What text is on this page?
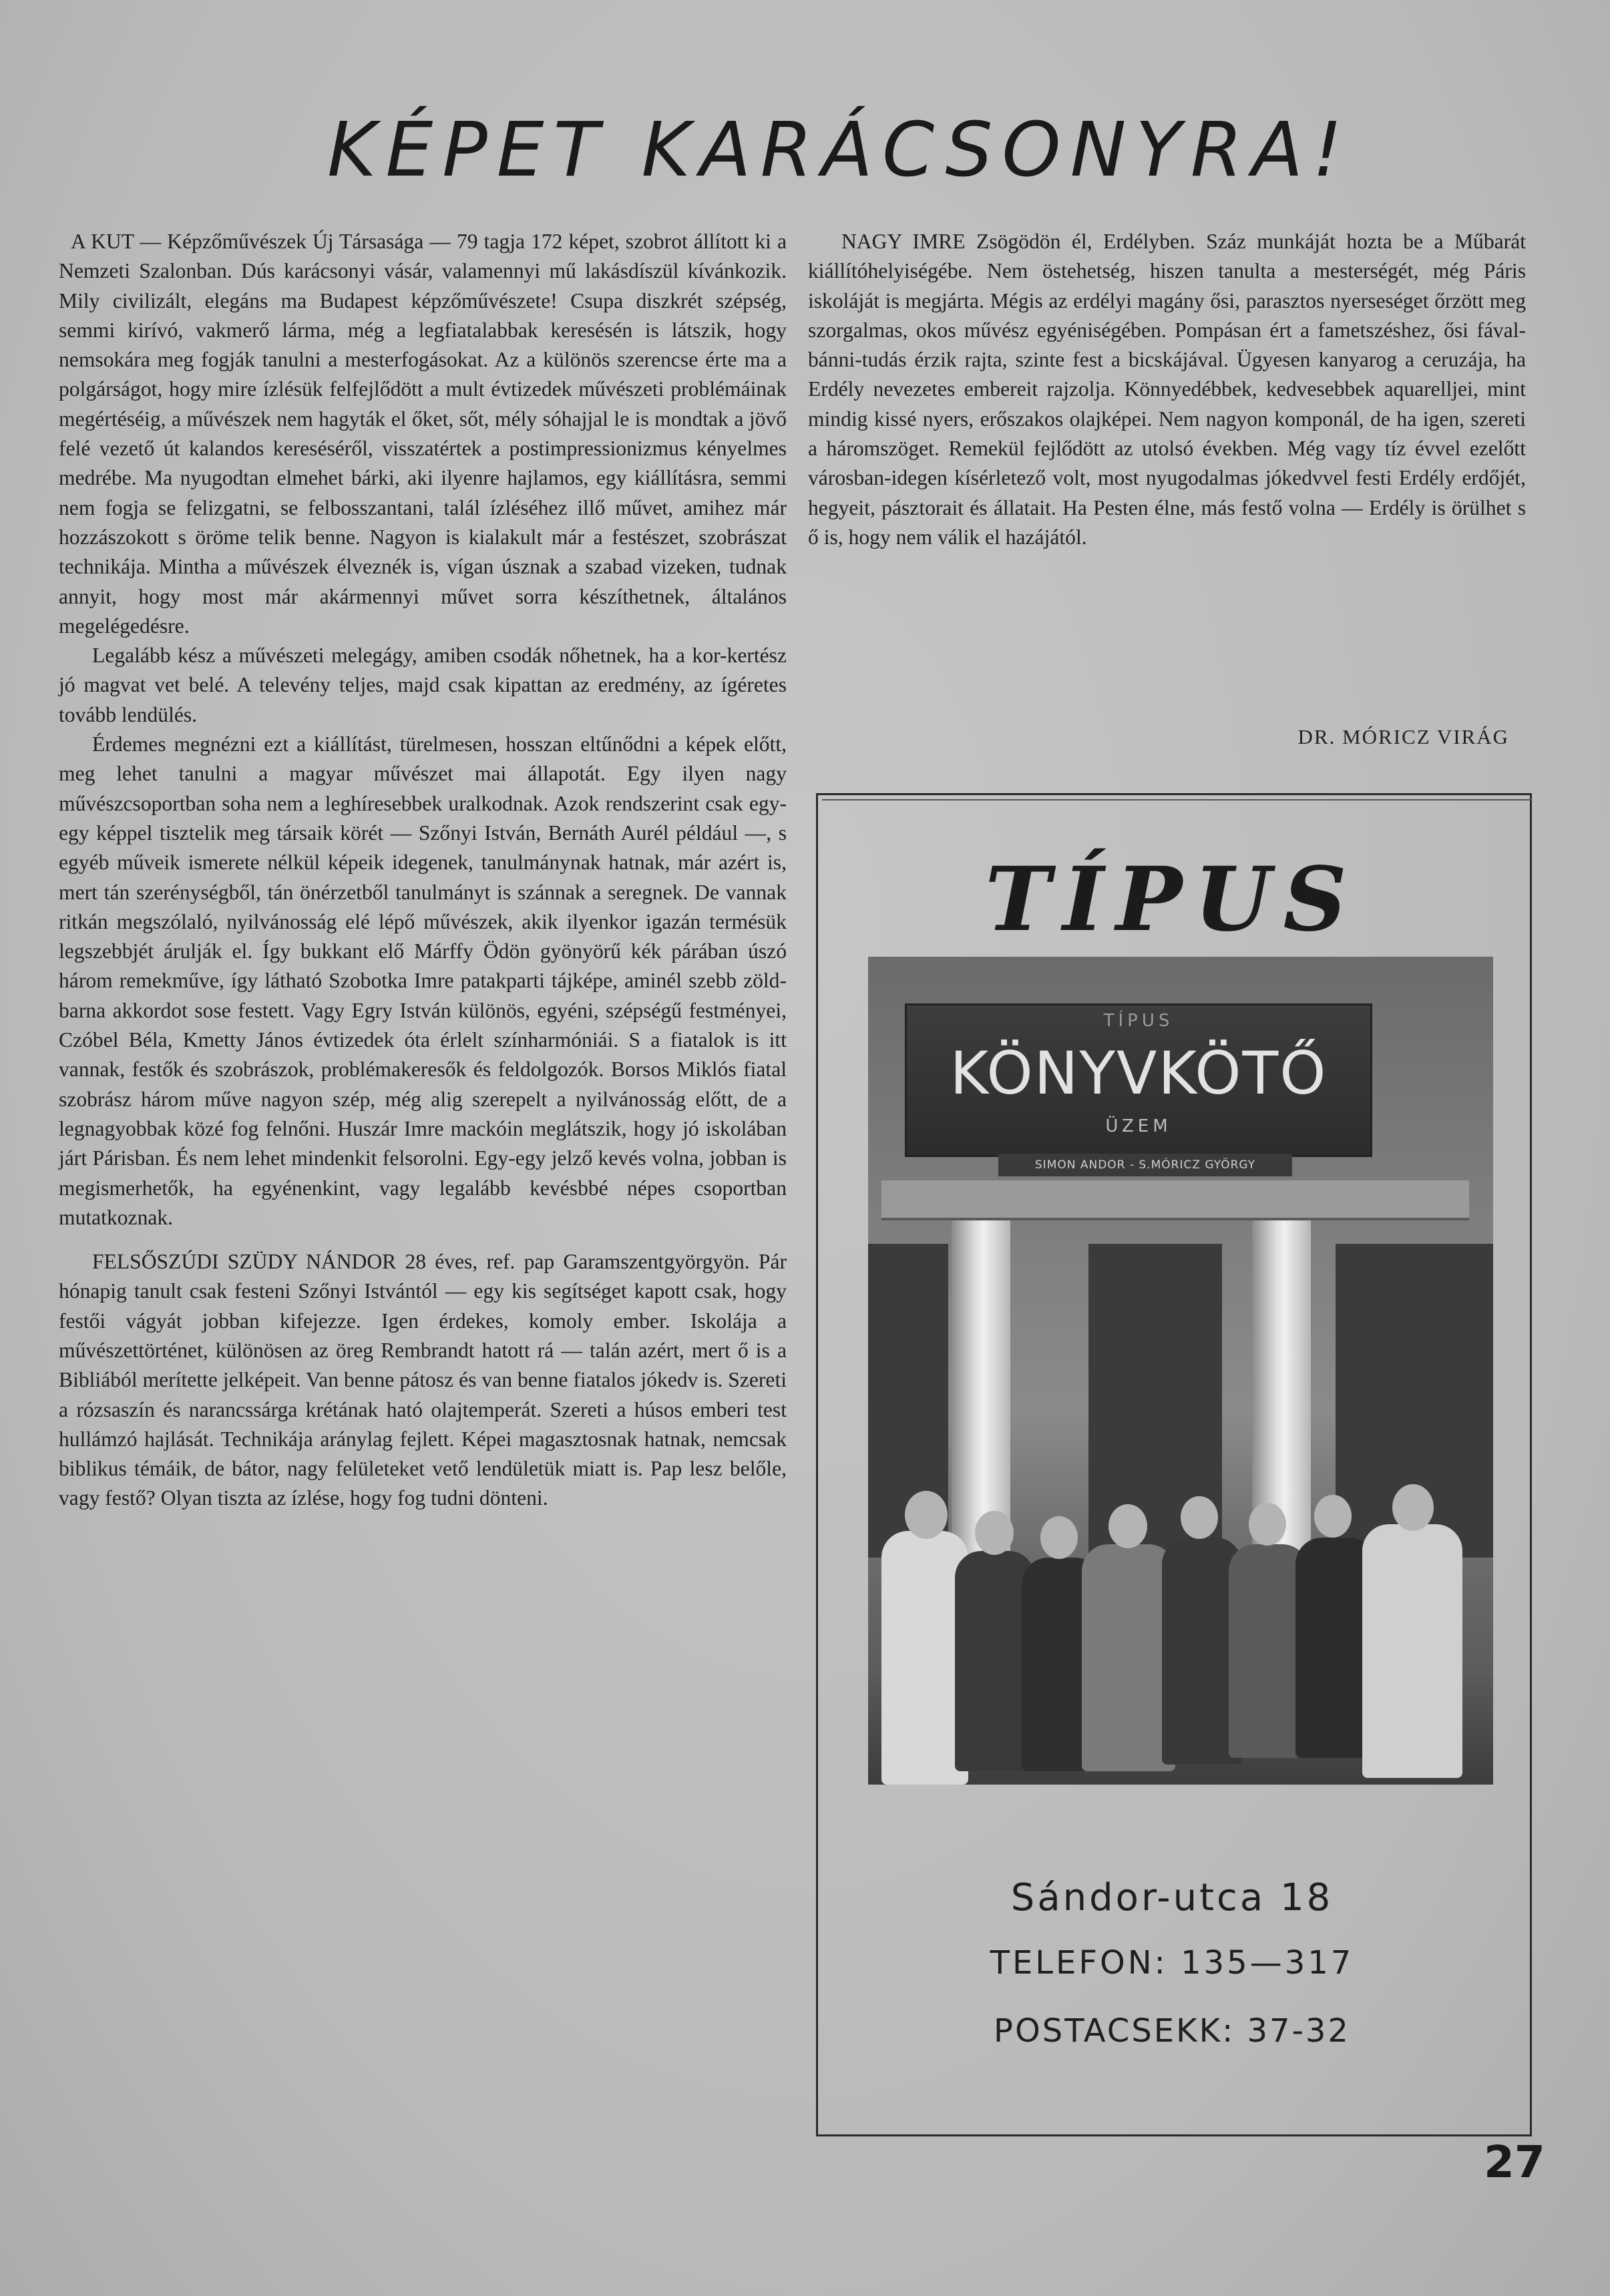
KÉPET KARÁCSONYRA!

A KUT — Képzőművészek Új Társasága — 79 tagja 172 képet, szobrot állított ki a Nemzeti Szalonban. Dús karácsonyi vásár, valamennyi mű lakásdíszül kívánkozik. Mily civilizált, elegáns ma Budapest képzőművészete! Csupa diszkrét szépség, semmi kirívó, vakmerő lárma, még a legfiatalabbak keresésén is látszik, hogy nemsokára meg fogják tanulni a mesterfogásokat. Az a különös szerencse érte ma a polgárságot, hogy mire ízlésük felfejlődött a mult évtizedek művészeti problémáinak megértéséig, a művészek nem hagyták el őket, sőt, mély sóhajjal le is mondtak a jövő felé vezető út kalandos kereséséről, visszatértek a postimpressionizmus kényelmes medrébe. Ma nyugodtan elmehet bárki, aki ilyenre hajlamos, egy kiállításra, semmi nem fogja se felizgatni, se felbosszantani, talál ízléséhez illő művet, amihez már hozzászokott s öröme telik benne. Nagyon is kialakult már a festészet, szobrászat technikája. Mintha a művészek élveznék is, vígan úsznak a szabad vizeken, tudnak annyit, hogy most már akármennyi művet sorra készíthetnek, általános megelégedésre.

Legalább kész a művészeti melegágy, amiben csodák nőhetnek, ha a kor-kertész jó magvat vet belé. A televény teljes, majd csak kipattan az eredmény, az ígéretes tovább lendülés.

Érdemes megnézni ezt a kiállítást, türelmesen, hosszan eltűnődni a képek előtt, meg lehet tanulni a magyar művészet mai állapotát. Egy ilyen nagy művészcsoportban soha nem a leghíresebbek uralkodnak. Azok rendszerint csak egy-egy képpel tisztelik meg társaik körét — Szőnyi István, Bernáth Aurél például —, s egyéb műveik ismerete nélkül képeik idegenek, tanulmánynak hatnak, már azért is, mert tán szerénységből, tán önérzetből tanulmányt is szánnak a seregnek. De vannak ritkán megszólaló, nyilvánosság elé lépő művészek, akik ilyenkor igazán termésük legszebbjét árulják el. Így bukkant elő Márffy Ödön gyönyörű kék párában úszó három remekműve, így látható Szobotka Imre patakparti tájképe, aminél szebb zöld-barna akkordot sose festett. Vagy Egry István különös, egyéni, szépségű festményei, Czóbel Béla, Kmetty János évtizedek óta érlelt színharmóniái. S a fiatalok is itt vannak, festők és szobrászok, problémakeresők és feldolgozók. Borsos Miklós fiatal szobrász három műve nagyon szép, még alig szerepelt a nyilvánosság előtt, de a legnagyobbak közé fog felnőni. Huszár Imre mackóin meglátszik, hogy jó iskolában járt Párisban. És nem lehet mindenkit felsorolni. Egy-egy jelző kevés volna, jobban is megismerhetők, ha egyénenkint, vagy legalább kevésbbé népes csoportban mutatkoznak.

FELSŐSZÚDI SZÜDY NÁNDOR 28 éves, ref. pap Garamszentgyörgyön. Pár hónapig tanult csak festeni Szőnyi Istvántól — egy kis segítséget kapott csak, hogy festői vágyát jobban kifejezze. Igen érdekes, komoly ember. Iskolája a művészettörténet, különösen az öreg Rembrandt hatott rá — talán azért, mert ő is a Bibliából merítette jelképeit. Van benne pátosz és van benne fiatalos jókedv is. Szereti a rózsaszín és narancssárga krétának ható olajtemperát. Szereti a húsos emberi test hullámzó hajlását. Technikája aránylag fejlett. Képei magasztosnak hatnak, nemcsak biblikus témáik, de bátor, nagy felületeket vető lendületük miatt is. Pap lesz belőle, vagy festő? Olyan tiszta az ízlése, hogy fog tudni dönteni.

NAGY IMRE Zsögödön él, Erdélyben. Száz munkáját hozta be a Műbarát kiállítóhelyiségébe. Nem östehetség, hiszen tanulta a mesterségét, még Páris iskoláját is megjárta. Mégis az erdélyi magány ősi, parasztos nyerseséget őrzött meg szorgalmas, okos művész egyéniségében. Pompásan ért a fametszéshez, ősi fával-bánni-tudás érzik rajta, szinte fest a bicskájával. Ügyesen kanyarog a ceruzája, ha Erdély nevezetes embereit rajzolja. Könnyedébbek, kedvesebbek aquarelljei, mint mindig kissé nyers, erőszakos olajképei. Nem nagyon komponál, de ha igen, szereti a háromszöget. Remekül fejlődött az utolsó években. Még vagy tíz évvel ezelőtt városban-idegen kísérletező volt, most nyugodalmas jókedvvel festi Erdély erdőjét, hegyeit, pásztorait és állatait. Ha Pesten élne, más festő volna — Erdély is örülhet s ő is, hogy nem válik el hazájától.

DR. MÓRICZ VIRÁG
TÍPUS
TÍPUS
KÖNYVKÖTŐ
ÜZEM
SIMON ANDOR - S.MÓRICZ GYÖRGY
Sándor-utca 18
TELEFON: 135—317
POSTACSEKK: 37-32
27
